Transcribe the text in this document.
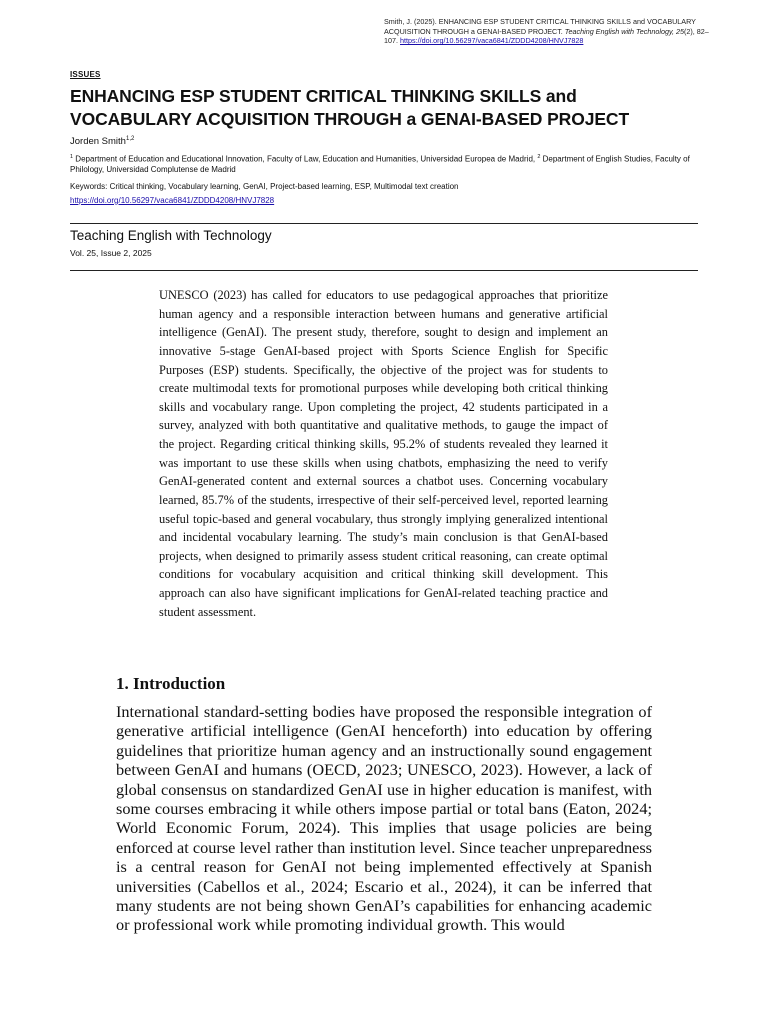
Smith, J. (2025). ENHANCING ESP STUDENT CRITICAL THINKING SKILLS and VOCABULARY ACQUISITION THROUGH a GENAI-BASED PROJECT. Teaching English with Technology, 25(2), 82–107. https://doi.org/10.56297/vaca6841/ZDDD4208/HNVJ7828
ISSUES
ENHANCING ESP STUDENT CRITICAL THINKING SKILLS and VOCABULARY ACQUISITION THROUGH a GENAI-BASED PROJECT
Jorden Smith$^{1,2}$
$^1$ Department of Education and Educational Innovation, Faculty of Law, Education and Humanities, Universidad Europea de Madrid, $^2$ Department of English Studies, Faculty of Philology, Universidad Complutense de Madrid
Keywords: Critical thinking, Vocabulary learning, GenAI, Project-based learning, ESP, Multimodal text creation
https://doi.org/10.56297/vaca6841/ZDDD4208/HNVJ7828
Teaching English with Technology
Vol. 25, Issue 2, 2025
UNESCO (2023) has called for educators to use pedagogical approaches that prioritize human agency and a responsible interaction between humans and generative artificial intelligence (GenAI). The present study, therefore, sought to design and implement an innovative 5-stage GenAI-based project with Sports Science English for Specific Purposes (ESP) students. Specifically, the objective of the project was for students to create multimodal texts for promotional purposes while developing both critical thinking skills and vocabulary range. Upon completing the project, 42 students participated in a survey, analyzed with both quantitative and qualitative methods, to gauge the impact of the project. Regarding critical thinking skills, 95.2% of students revealed they learned it was important to use these skills when using chatbots, emphasizing the need to verify GenAI-generated content and external sources a chatbot uses. Concerning vocabulary learned, 85.7% of the students, irrespective of their self-perceived level, reported learning useful topic-based and general vocabulary, thus strongly implying generalized intentional and incidental vocabulary learning. The study’s main conclusion is that GenAI-based projects, when designed to primarily assess student critical reasoning, can create optimal conditions for vocabulary acquisition and critical thinking skill development. This approach can also have significant implications for GenAI-related teaching practice and student assessment.
1. Introduction

International standard-setting bodies have proposed the responsible integration of generative artificial intelligence (GenAI henceforth) into education by offering guidelines that prioritize human agency and an instructionally sound engagement between GenAI and humans (OECD, 2023; UNESCO, 2023). However, a lack of global consensus on standardized GenAI use in higher education is manifest, with some courses embracing it while others impose partial or total bans (Eaton, 2024; World Economic Forum, 2024). This implies that usage policies are being enforced at course level rather than institution level. Since teacher unpreparedness is a central reason for GenAI not being implemented effectively at Spanish universities (Cabellos et al., 2024; Escario et al., 2024), it can be inferred that many students are not being shown GenAI’s capabilities for enhancing academic or professional work while promoting individual growth. This would
